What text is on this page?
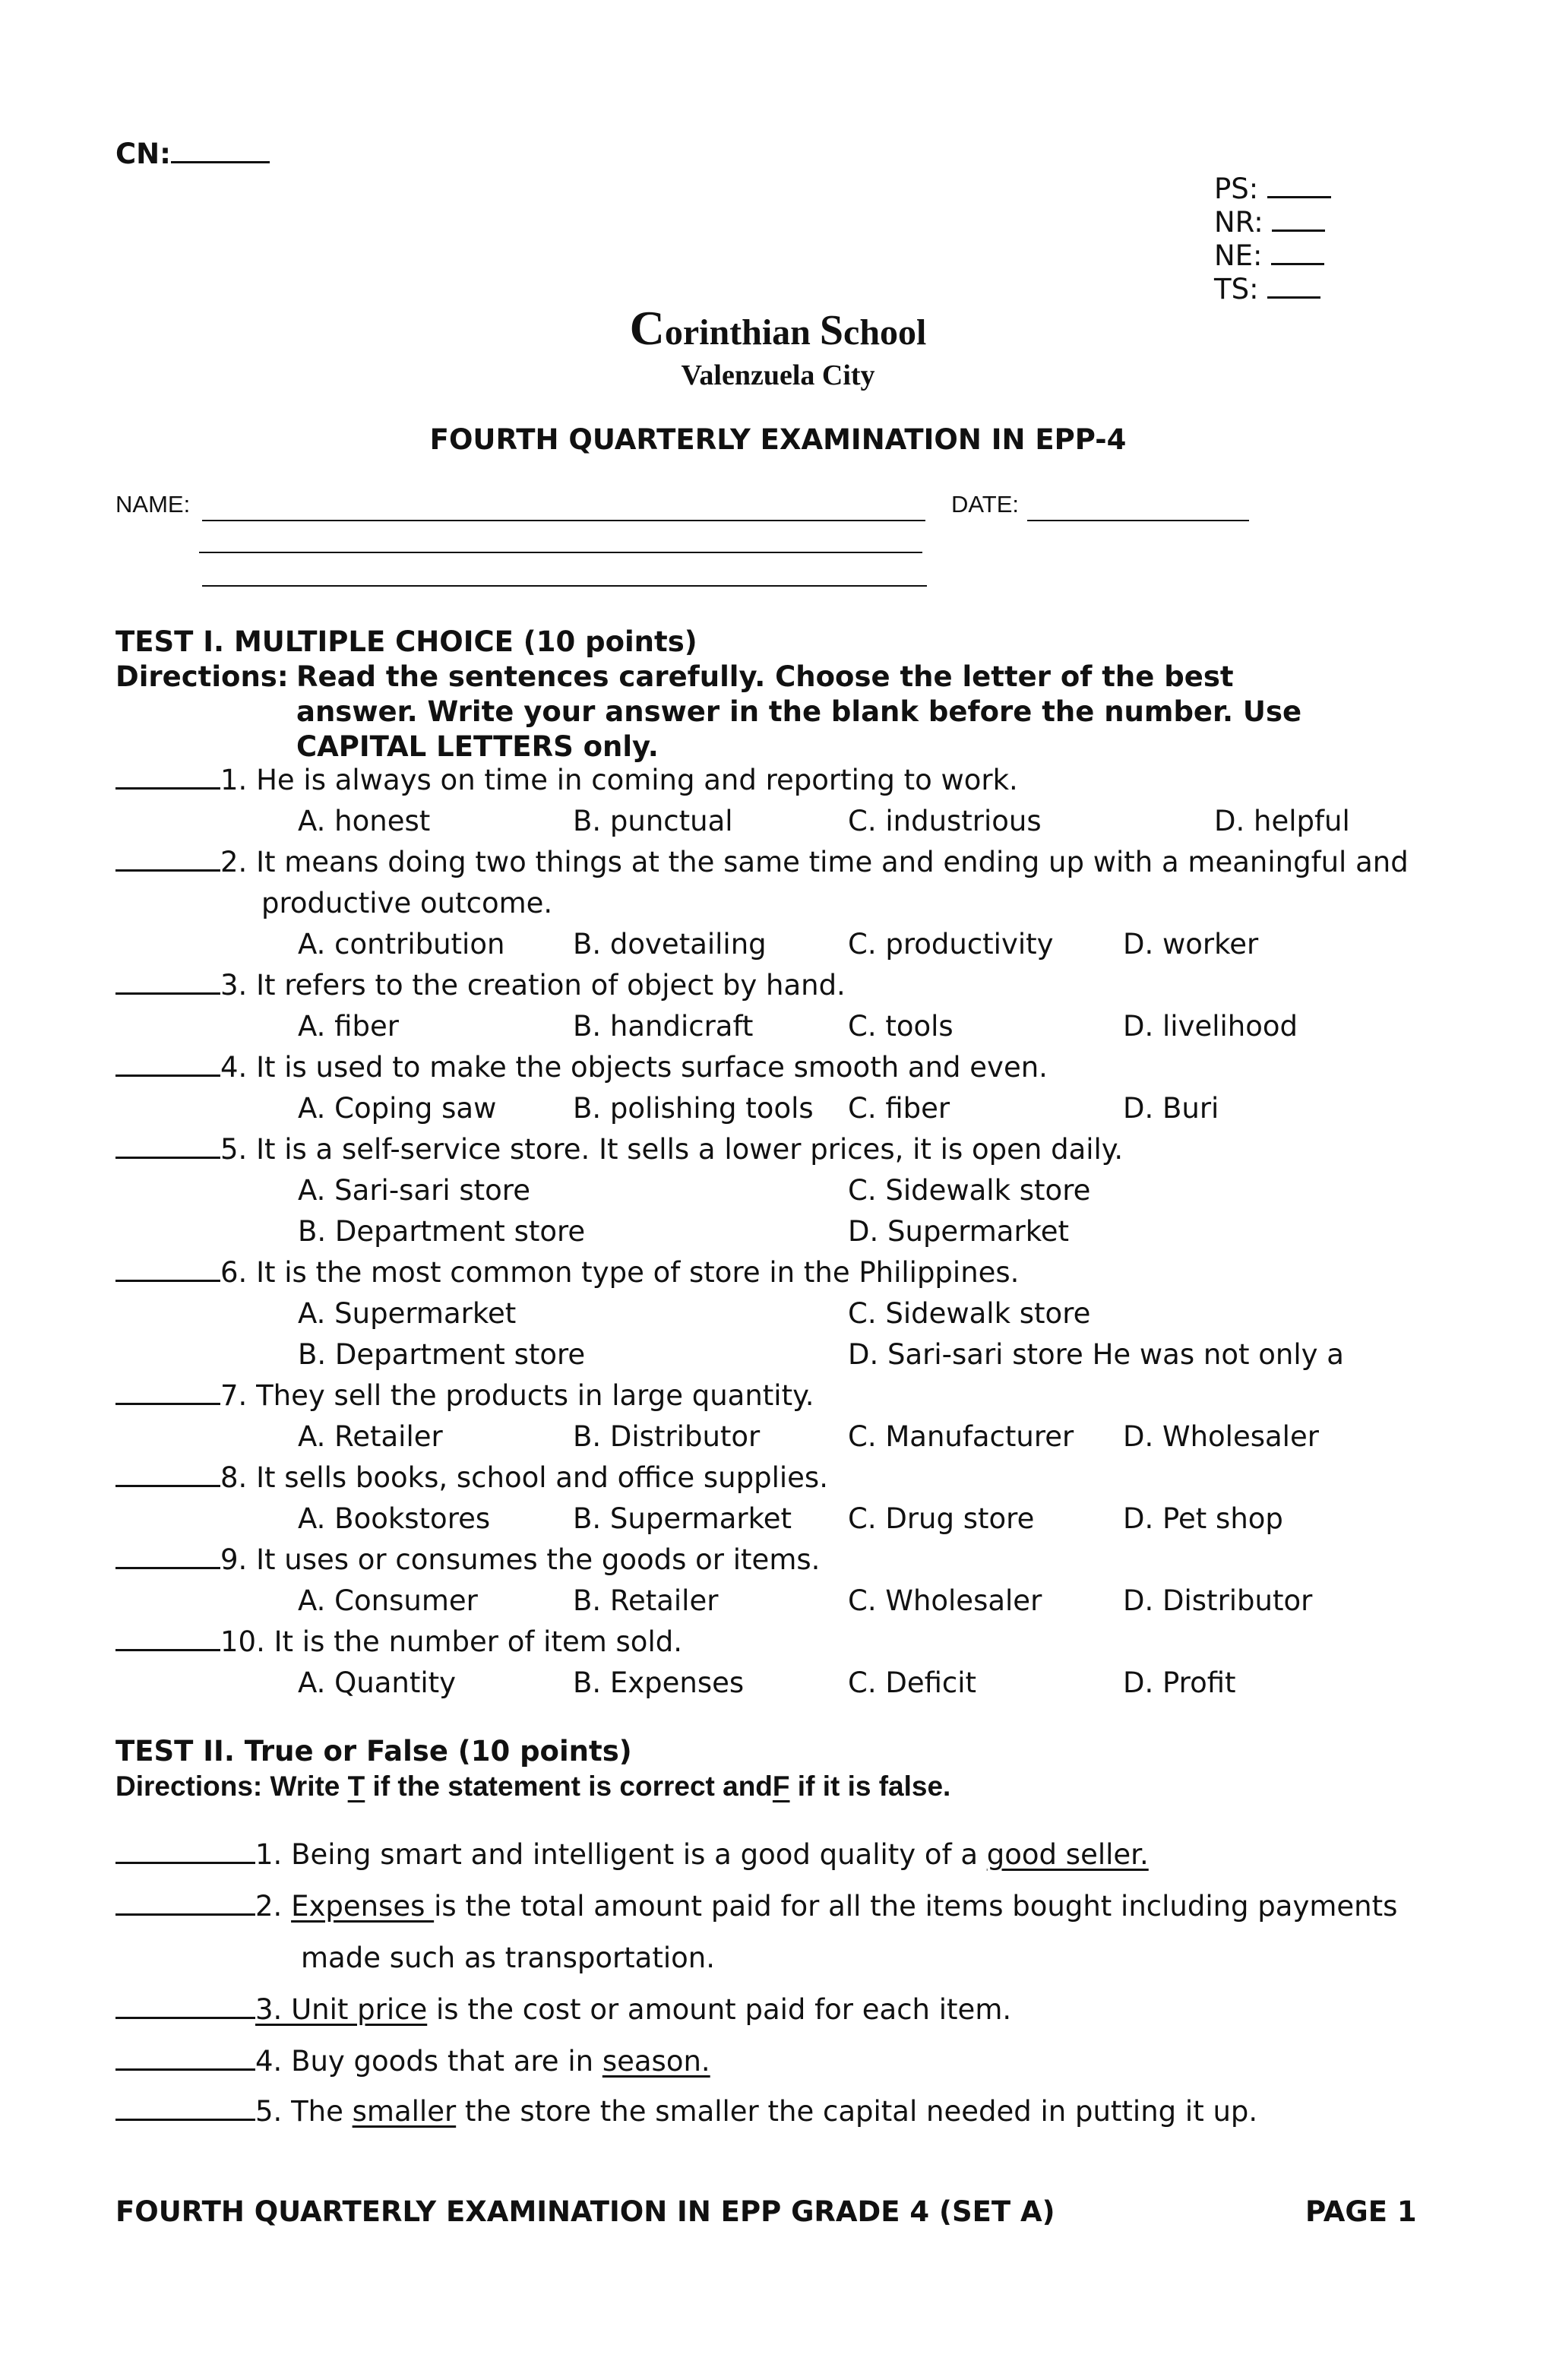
CN:
PS:
NR:
NE:
TS:
Corinthian School
Valenzuela City
FOURTH QUARTERLY EXAMINATION IN EPP-4
NAME:	DATE:
TEST I. MULTIPLE CHOICE (10 points)
Directions: Read the sentences carefully. Choose the letter of the best
answer. Write your answer in the blank before the number. Use
CAPITAL LETTERS only.
1. He is always on time in coming and reporting to work.
A. honest	B. punctual	C. industrious	D. helpful
2. It means doing two things at the same time and ending up with a meaningful and
productive outcome.
A. contribution B. dovetailing	C. productivity D. worker
3. It refers to the creation of object by hand.
A. fiber	B. handicraft	C. tools	D. livelihood
4. It is used to make the objects surface smooth and even.
A. Coping saw	B. polishing tools C. fiber	D. Buri
5. It is a self-service store. It sells a lower prices, it is open daily.
A. Sari-sari store	C. Sidewalk store
B. Department store	D. Supermarket
6. It is the most common type of store in the Philippines.
A. Supermarket	C. Sidewalk store
B. Department store	D. Sari-sari store He was not only a
7. They sell the products in large quantity.
A. Retailer	B. Distributor	C. Manufacturer D. Wholesaler
8. It sells books, school and office supplies.
A. Bookstores	B. Supermarket C. Drug store	D. Pet shop
9. It uses or consumes the goods or items.
A. Consumer	B. Retailer	C. Wholesaler	D. Distributor
10. It is the number of item sold.
A. Quantity	B. Expenses	C. Deficit	D. Profit
TEST II. True or False (10 points)
Directions: Write T if the statement is correct andF if it is false.
1. Being smart and intelligent is a good quality of a good seller.
2. Expenses is the total amount paid for all the items bought including payments
made such as transportation.
3. Unit price is the cost or amount paid for each item.
4. Buy goods that are in season.
5. The smaller the store the smaller the capital needed in putting it up.
FOURTH QUARTERLY EXAMINATION IN EPP GRADE 4 (SET A)	PAGE 1
